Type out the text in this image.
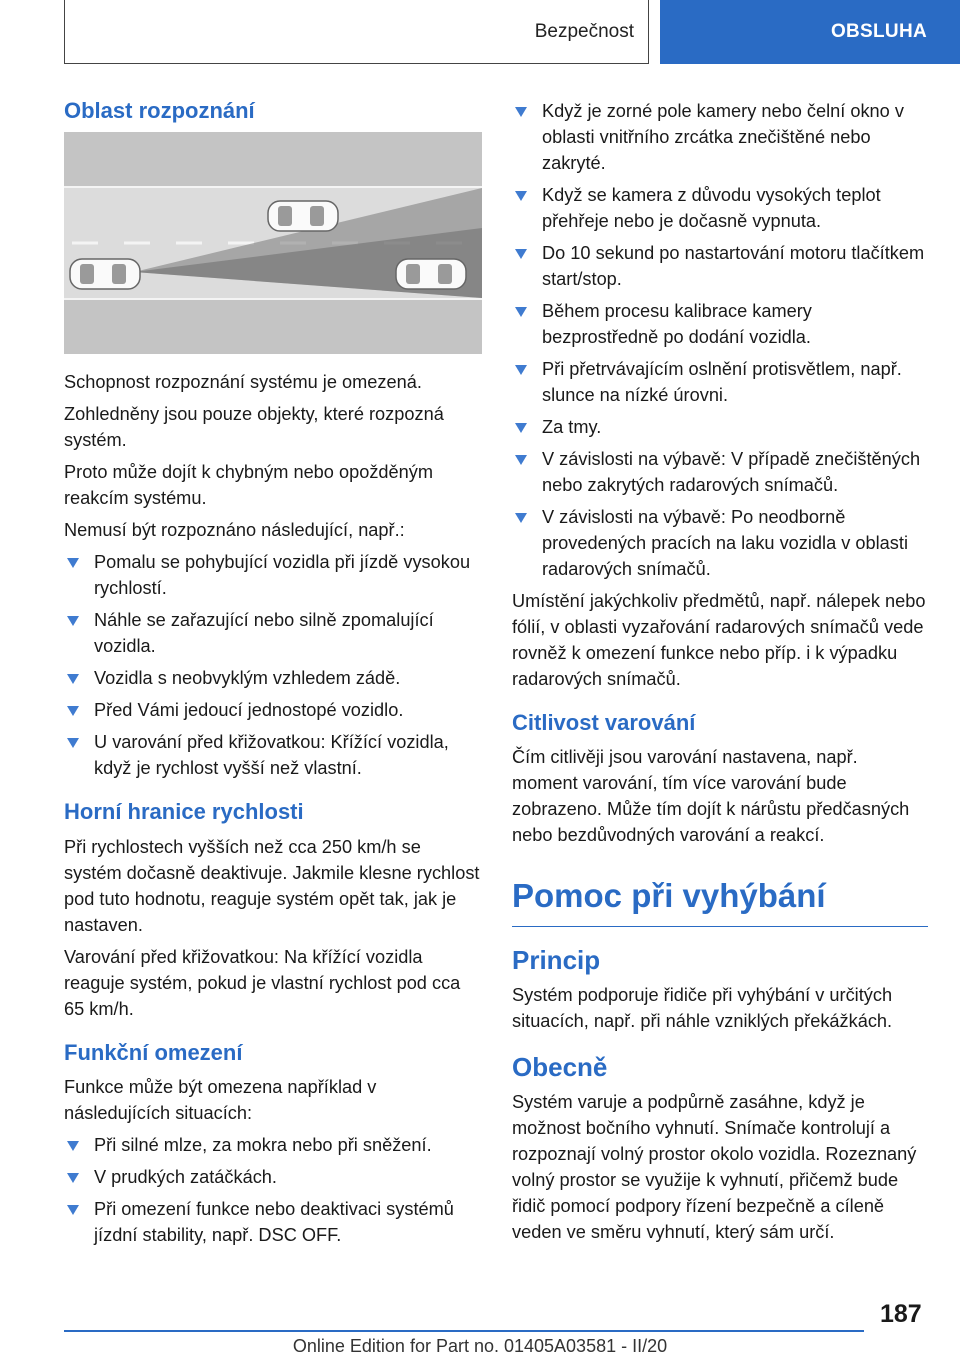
Bezpečnost	OBSLUHA
Oblast rozpoznání

Schopnost rozpoznání systému je omezená.

Zohledněny jsou pouze objekty, které rozpozná systém.

Proto může dojít k chybným nebo opožděným reakcím systému.

Nemusí být rozpoznáno následující, např.:

Pomalu se pohybující vozidla při jízdě vysokou rychlostí.
Náhle se zařazující nebo silně zpomalující vozidla.
Vozidla s neobvyklým vzhledem zádě.
Před Vámi jedoucí jednostopé vozidlo.
U varování před křižovatkou: Křížící vozidla, když je rychlost vyšší než vlastní.
Horní hranice rychlosti

Při rychlostech vyšších než cca 250 km/h se systém dočasně deaktivuje. Jakmile klesne rychlost pod tuto hodnotu, reaguje systém opět tak, jak je nastaven.

Varování před křižovatkou: Na křížící vozidla reaguje systém, pokud je vlastní rychlost pod cca 65 km/h.

Funkční omezení

Funkce může být omezena například v následujících situacích:

Při silné mlze, za mokra nebo při sněžení.
V prudkých zatáčkách.
Při omezení funkce nebo deaktivaci systémů jízdní stability, např. DSC OFF.
Když je zorné pole kamery nebo čelní okno v oblasti vnitřního zrcátka znečištěné nebo zakryté.
Když se kamera z důvodu vysokých teplot přehřeje nebo je dočasně vypnuta.
Do 10 sekund po nastartování motoru tlačítkem start/stop.
Během procesu kalibrace kamery bezprostředně po dodání vozidla.
Při přetrvávajícím oslnění protisvětlem, např. slunce na nízké úrovni.
Za tmy.
V závislosti na výbavě: V případě znečištěných nebo zakrytých radarových snímačů.
V závislosti na výbavě: Po neodborně provedených pracích na laku vozidla v oblasti radarových snímačů.

Umístění jakýchkoliv předmětů, např. nálepek nebo fólií, v oblasti vyzařování radarových snímačů vede rovněž k omezení funkce nebo příp. i k výpadku radarových snímačů.

Citlivost varování

Čím citlivěji jsou varování nastavena, např. moment varování, tím více varování bude zobrazeno. Může tím dojít k nárůstu předčasných nebo bezdůvodných varování a reakcí.

Pomoc při vyhýbání
Princip

Systém podporuje řidiče při vyhýbání v určitých situacích, např. při náhle vzniklých překážkách.

Obecně

Systém varuje a podpůrně zasáhne, když je možnost bočního vyhnutí. Snímače kontrolují a rozpoznají volný prostor okolo vozidla. Rozeznaný volný prostor se využije k vyhnutí, přičemž bude řidič pomocí podpory řízení bezpečně a cíleně veden ve směru vyhnutí, který sám určí.

187
Online Edition for Part no. 01405A03581 - II/20
